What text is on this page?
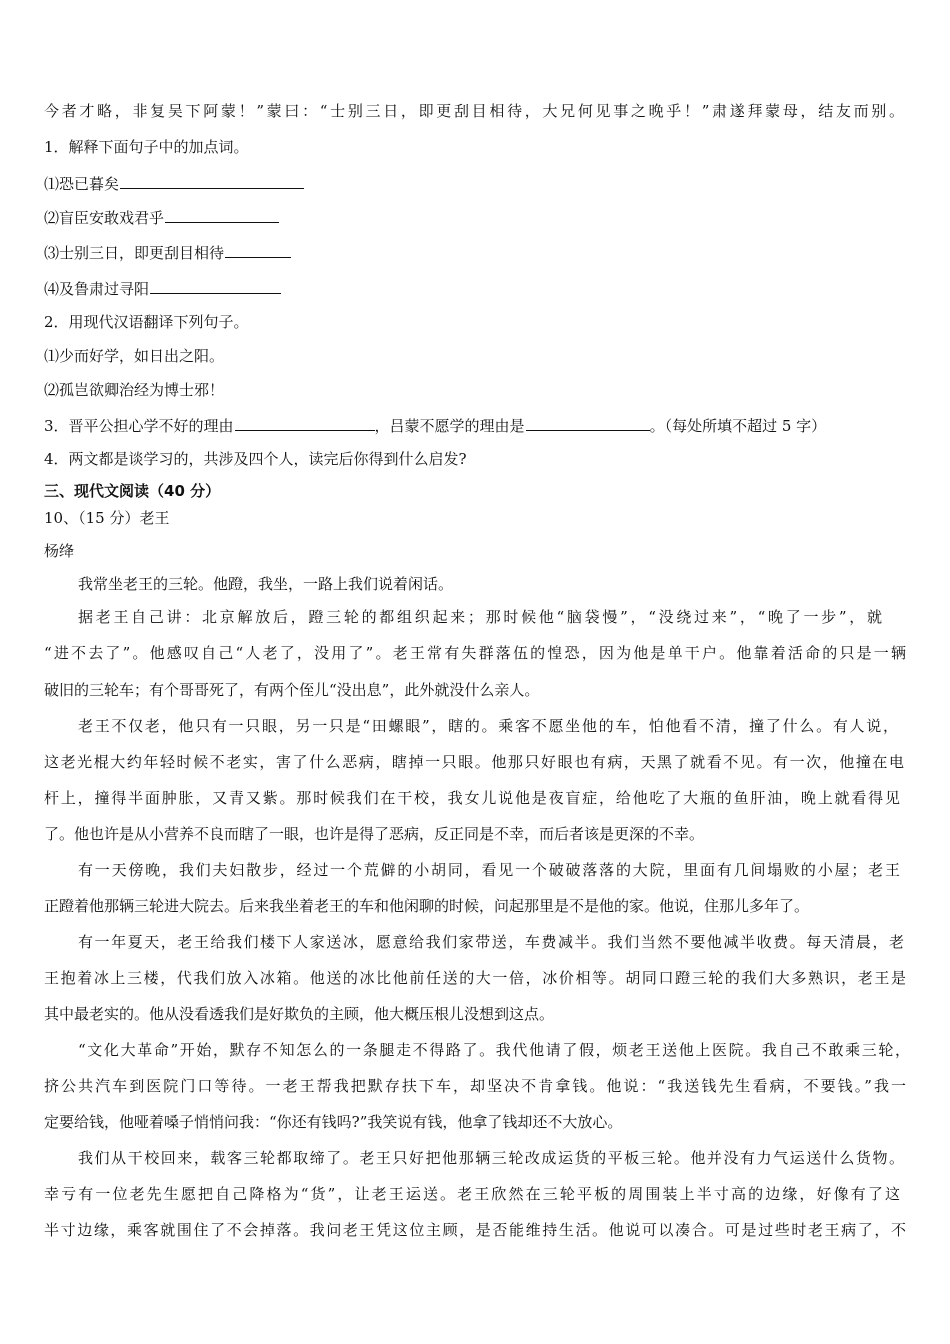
今者才略，非复吴下阿蒙！”蒙曰：“士别三日，即更刮目相待，大兄何见事之晚乎！”肃遂拜蒙母，结友而别。
1．解释下面句子中的加点词。
⑴恐已暮矣
⑵盲臣安敢戏君乎
⑶士别三日，即更刮目相待
⑷及鲁肃过寻阳
2．用现代汉语翻译下列句子。
⑴少而好学，如日出之阳。
⑵孤岂欲卿治经为博士邪！
3．晋平公担心学不好的理由	，吕蒙不愿学的理由是	。（每处所填不超过 5 字）
4．两文都是谈学习的，共涉及四个人，读完后你得到什么启发?
三、现代文阅读（40 分）
10、（15 分）老王
杨绛
我常坐老王的三轮。他蹬，我坐，一路上我们说着闲话。
据老王自己讲：北京解放后，蹬三轮的都组织起来；那时候他“脑袋慢”，“没绕过来”，“晚了一步”，就
“进不去了”。他感叹自己“人老了，没用了”。老王常有失群落伍的惶恐，因为他是单干户。他靠着活命的只是一辆
破旧的三轮车；有个哥哥死了，有两个侄儿“没出息”，此外就没什么亲人。
老王不仅老，他只有一只眼，另一只是“田螺眼”，瞎的。乘客不愿坐他的车，怕他看不清，撞了什么。有人说，
这老光棍大约年轻时候不老实，害了什么恶病，瞎掉一只眼。他那只好眼也有病，天黑了就看不见。有一次，他撞在电
杆上，撞得半面肿胀，又青又紫。那时候我们在干校，我女儿说他是夜盲症，给他吃了大瓶的鱼肝油，晚上就看得见
了。他也许是从小营养不良而瞎了一眼，也许是得了恶病，反正同是不幸，而后者该是更深的不幸。
有一天傍晚，我们夫妇散步，经过一个荒僻的小胡同，看见一个破破落落的大院，里面有几间塌败的小屋；老王
正蹬着他那辆三轮进大院去。后来我坐着老王的车和他闲聊的时候，问起那里是不是他的家。他说，住那儿多年了。
有一年夏天，老王给我们楼下人家送冰，愿意给我们家带送，车费减半。我们当然不要他减半收费。每天清晨，老
王抱着冰上三楼，代我们放入冰箱。他送的冰比他前任送的大一倍，冰价相等。胡同口蹬三轮的我们大多熟识，老王是
其中最老实的。他从没看透我们是好欺负的主顾，他大概压根儿没想到这点。
“文化大革命”开始，默存不知怎么的一条腿走不得路了。我代他请了假，烦老王送他上医院。我自己不敢乘三轮，
挤公共汽车到医院门口等待。一老王帮我把默存扶下车，却坚决不肯拿钱。他说：“我送钱先生看病，不要钱。”我一
定要给钱，他哑着嗓子悄悄问我：“你还有钱吗?”我笑说有钱，他拿了钱却还不大放心。
我们从干校回来，载客三轮都取缔了。老王只好把他那辆三轮改成运货的平板三轮。他并没有力气运送什么货物。
幸亏有一位老先生愿把自己降格为“货”，让老王运送。老王欣然在三轮平板的周围装上半寸高的边缘，好像有了这
半寸边缘，乘客就围住了不会掉落。我问老王凭这位主顾，是否能维持生活。他说可以凑合。可是过些时老王病了，不
